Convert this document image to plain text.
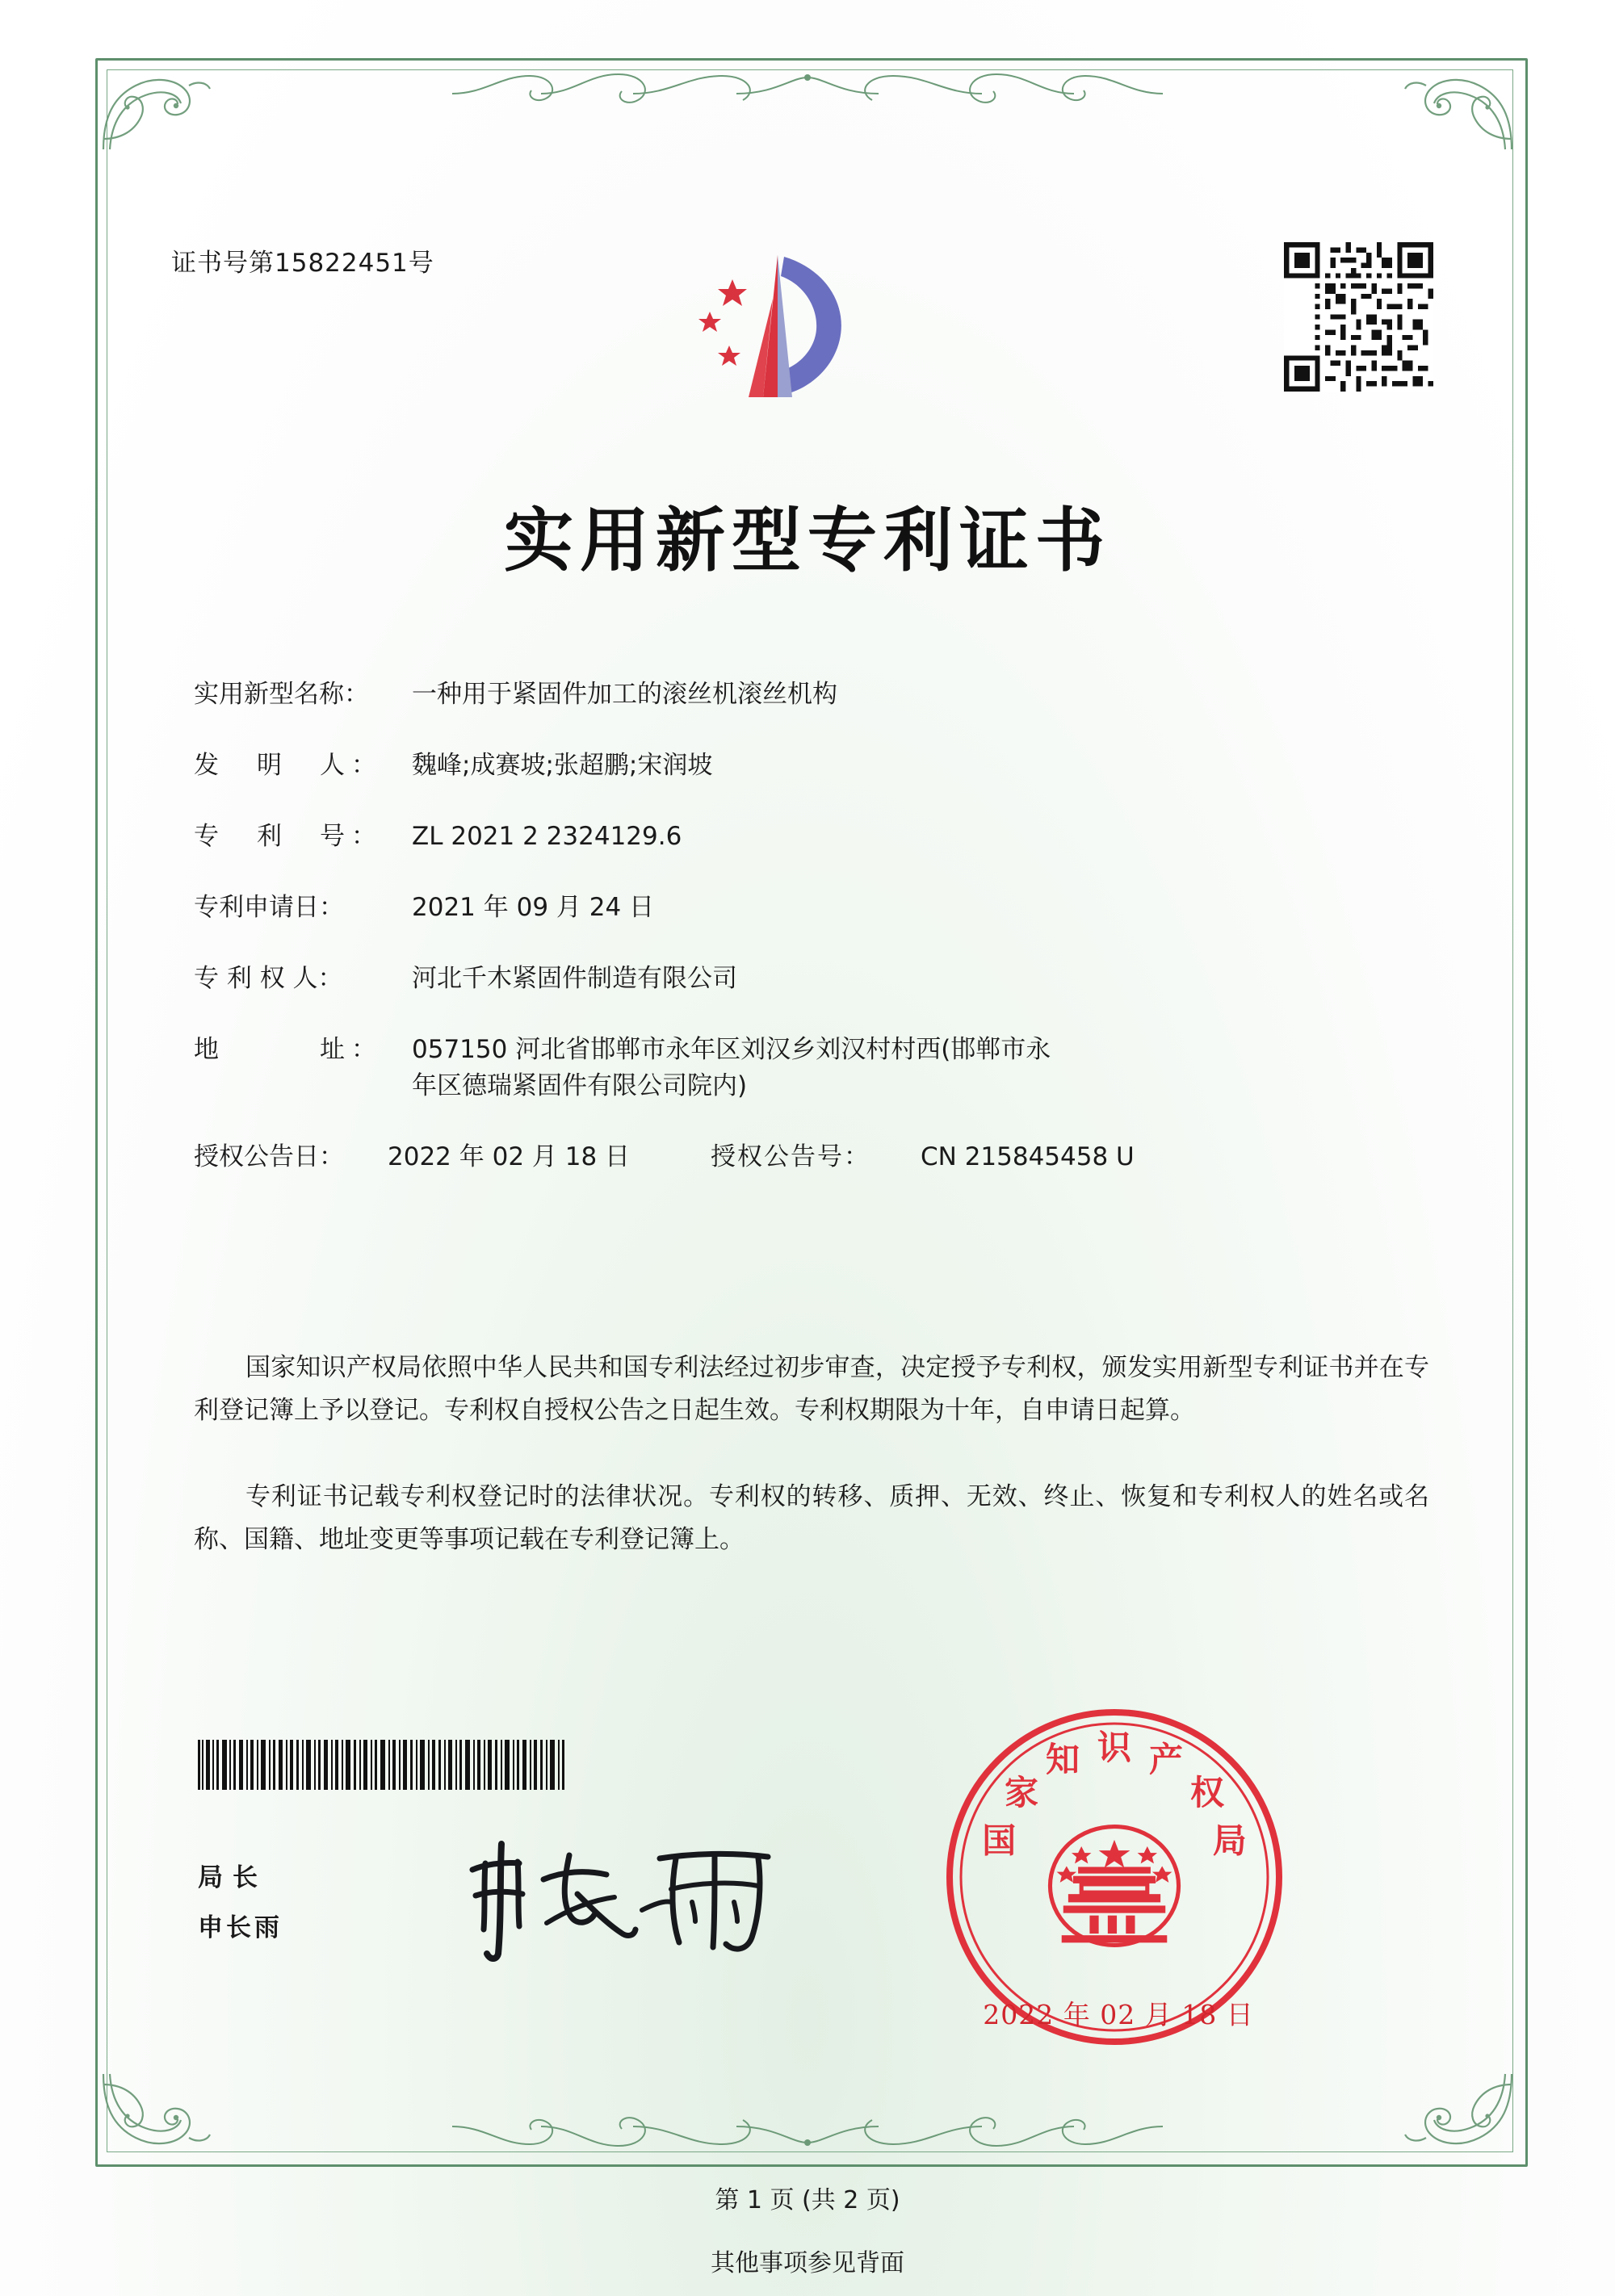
证书号第15822451号
实用新型专利证书
实用新型名称：	一种用于紧固件加工的滚丝机滚丝机构
发　明　人：	魏峰;成赛坡;张超鹏;宋润坡
专　利　号：	ZL 2021 2 2324129.6
专利申请日：	2021 年 09 月 24 日
专 利 权 人：	河北千木紧固件制造有限公司
地　　　址：	057150 河北省邯郸市永年区刘汉乡刘汉村村西(邯郸市永
年区德瑞紧固件有限公司院内)
授权公告日：	2022 年 02 月 18 日	授权公告号：	CN 215845458 U
国家知识产权局依照中华人民共和国专利法经过初步审查，决定授予专利权，颁发实用新型专利证书并在专利登记簿上予以登记。专利权自授权公告之日起生效。专利权期限为十年，自申请日起算。
专利证书记载专利权登记时的法律状况。专利权的转移、质押、无效、终止、恢复和专利权人的姓名或名称、国籍、地址变更等事项记载在专利登记簿上。
局长
申长雨
国
家
知 识 产
权
局
2022 年 02 月 18 日
第 1 页 (共 2 页)
其他事项参见背面
